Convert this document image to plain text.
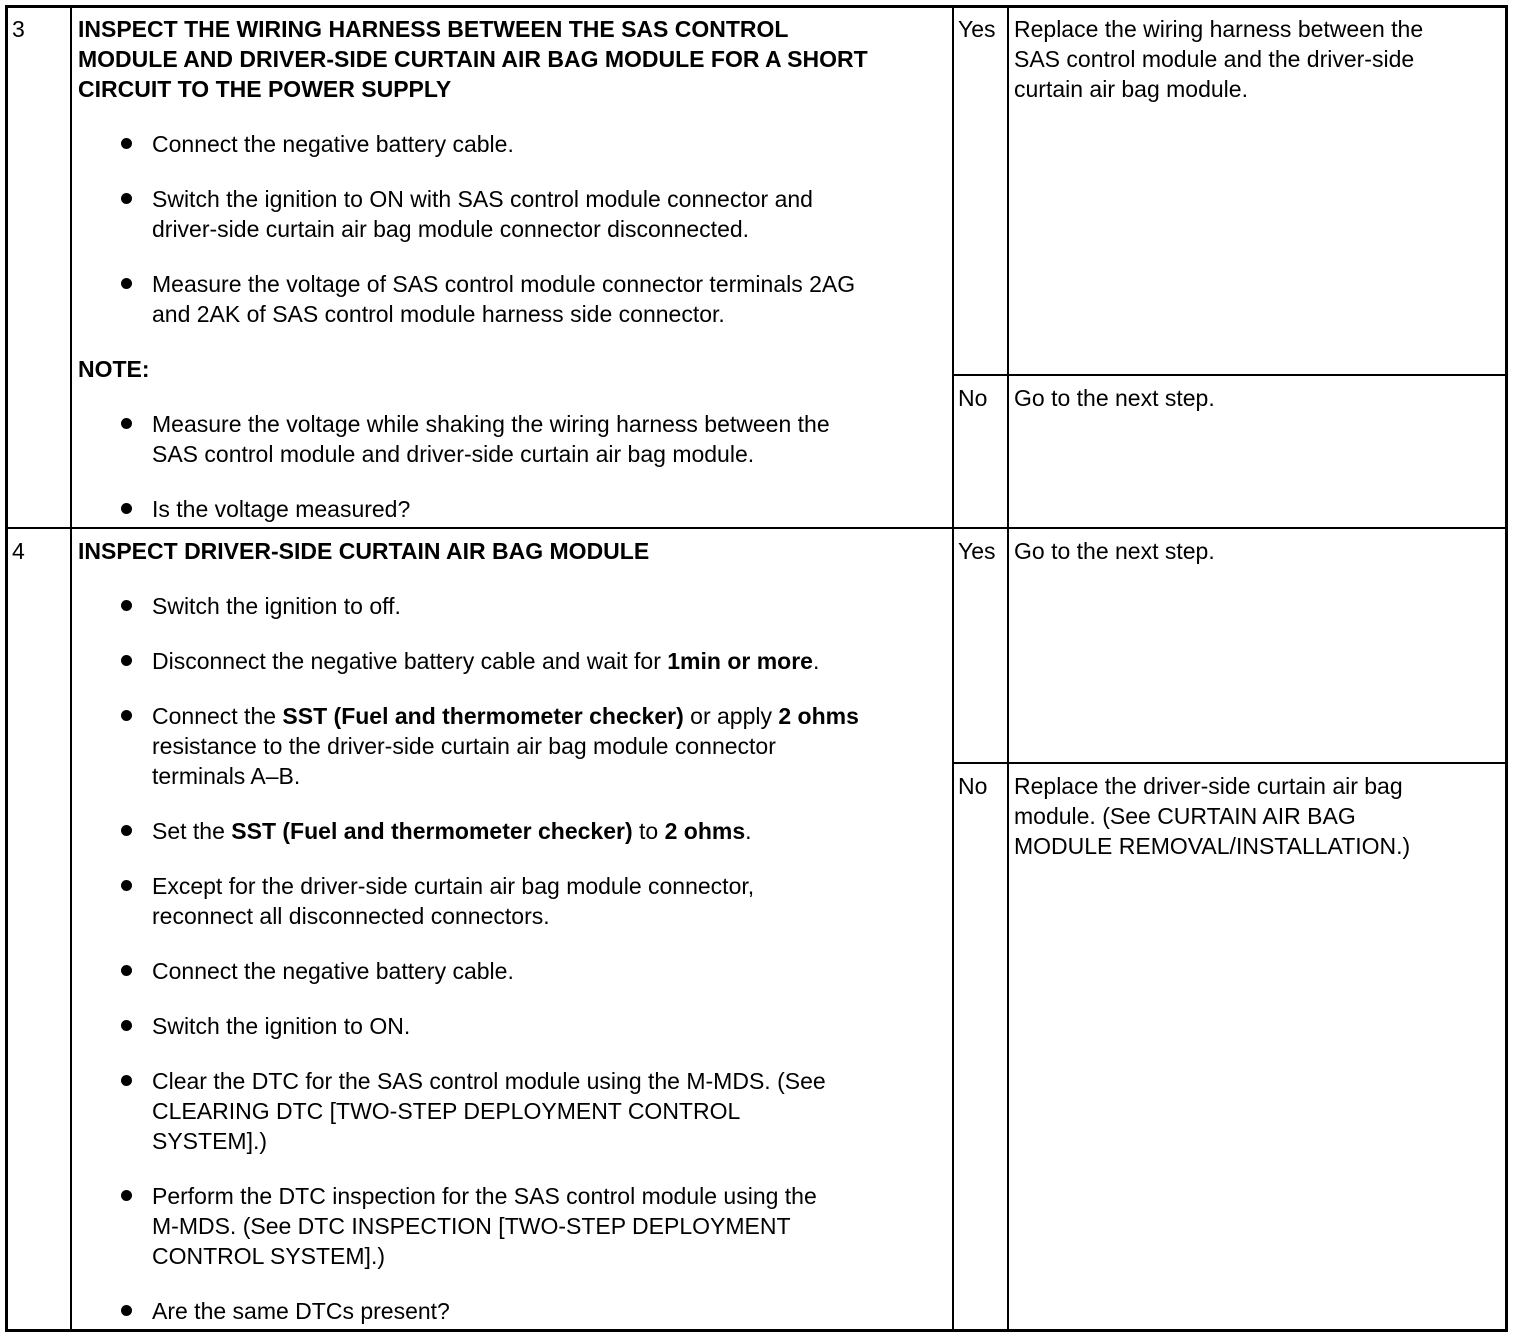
3 INSPECT THE WIRING HARNESS BETWEEN THE SAS CONTROL
MODULE AND DRIVER-SIDE CURTAIN AIR BAG MODULE FOR A SHORT
CIRCUIT TO THE POWER SUPPLY
Connect the negative battery cable.
Switch the ignition to ON with SAS control module connector and
driver-side curtain air bag module connector disconnected.
Measure the voltage of SAS control module connector terminals 2AG
and 2AK of SAS control module harness side connector.
NOTE:
Measure the voltage while shaking the wiring harness between the
SAS control module and driver-side curtain air bag module.
Is the voltage measured?
Yes Replace the wiring harness between the
SAS control module and the driver-side
curtain air bag module.
No Go to the next step.
4 INSPECT DRIVER-SIDE CURTAIN AIR BAG MODULE
Switch the ignition to off.
Disconnect the negative battery cable and wait for 1min or more.
Connect the SST (Fuel and thermometer checker) or apply 2 ohms
resistance to the driver-side curtain air bag module connector
terminals A–B.
Set the SST (Fuel and thermometer checker) to 2 ohms.
Except for the driver-side curtain air bag module connector,
reconnect all disconnected connectors.
Connect the negative battery cable.
Switch the ignition to ON.
Clear the DTC for the SAS control module using the M-MDS. (See
CLEARING DTC [TWO-STEP DEPLOYMENT CONTROL
SYSTEM].)
Perform the DTC inspection for the SAS control module using the
M-MDS. (See DTC INSPECTION [TWO-STEP DEPLOYMENT
CONTROL SYSTEM].)
Are the same DTCs present?
Yes Go to the next step.
No Replace the driver-side curtain air bag
module. (See CURTAIN AIR BAG
MODULE REMOVAL/INSTALLATION.)
